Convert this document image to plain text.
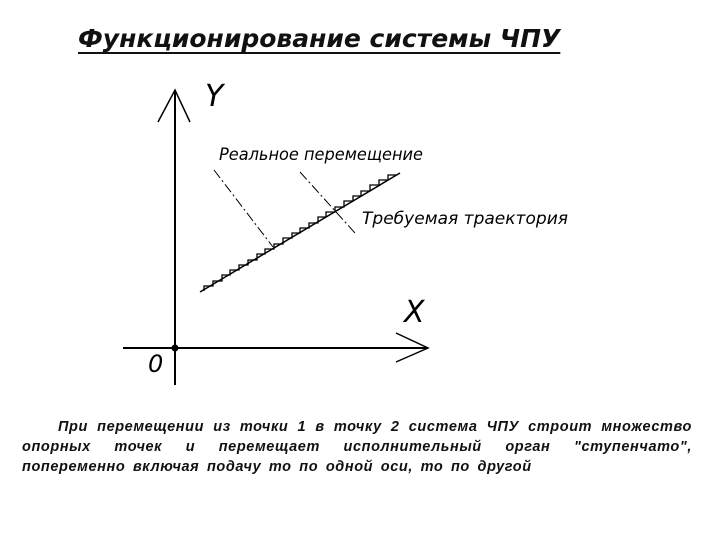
Функционирование системы ЧПУ
Y
X
0
Реальное перемещение
Требуемая траектория

При перемещении из точки 1 в точку 2 система ЧПУ строит множество опорных точек и перемещает исполнительный орган "ступенчато", попеременно включая подачу то по одной оси, то по другой
